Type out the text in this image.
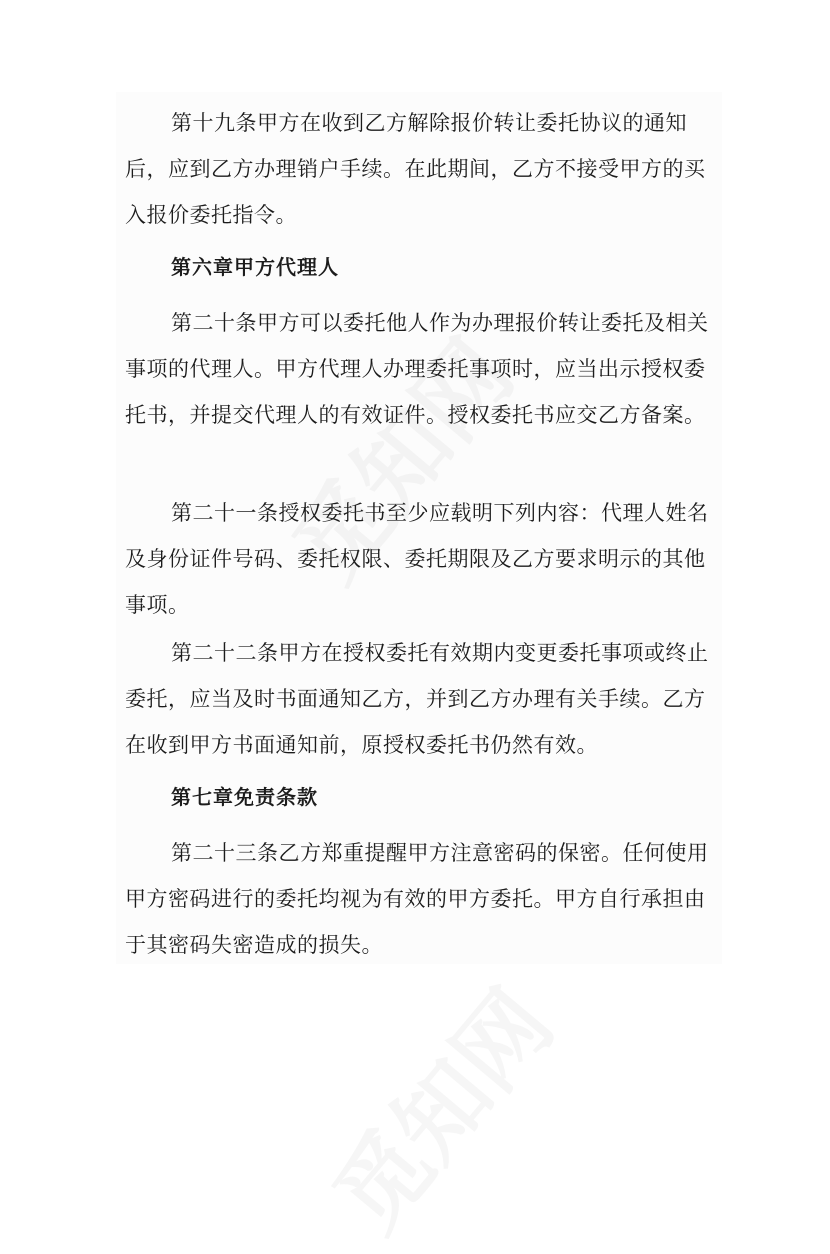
第十九条甲方在收到乙方解除报价转让委托协议的通知后，应到乙方办理销户手续。在此期间，乙方不接受甲方的买入报价委托指令。

第六章甲方代理人

第二十条甲方可以委托他人作为办理报价转让委托及相关事项的代理人。甲方代理人办理委托事项时，应当出示授权委托书，并提交代理人的有效证件。授权委托书应交乙方备案。

第二十一条授权委托书至少应载明下列内容：代理人姓名及身份证件号码、委托权限、委托期限及乙方要求明示的其他事项。

第二十二条甲方在授权委托有效期内变更委托事项或终止委托，应当及时书面通知乙方，并到乙方办理有关手续。乙方在收到甲方书面通知前，原授权委托书仍然有效。

第七章免责条款

第二十三条乙方郑重提醒甲方注意密码的保密。任何使用甲方密码进行的委托均视为有效的甲方委托。甲方自行承担由于其密码失密造成的损失。
